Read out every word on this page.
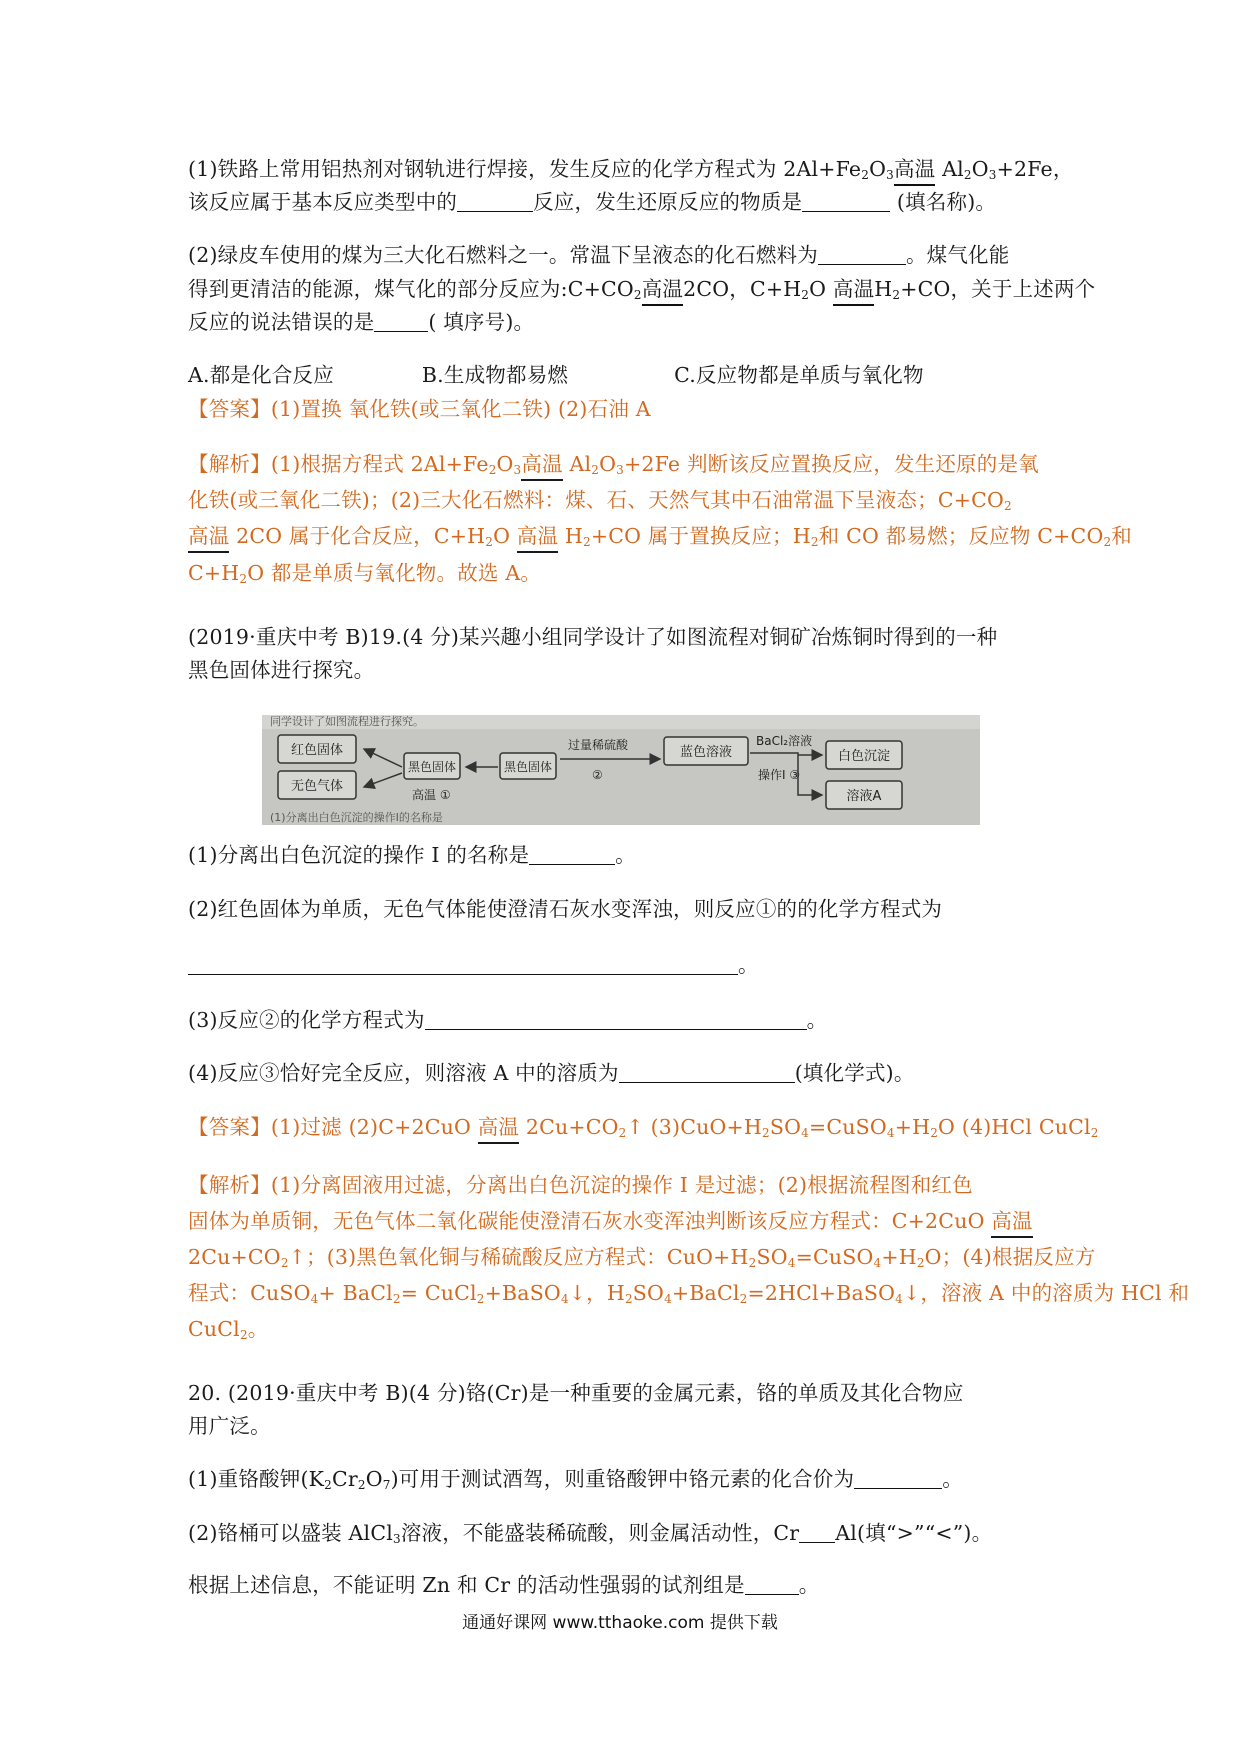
(1)铁路上常用铝热剂对钢轨进行焊接，发生反应的化学方程式为 $2Al+Fe_2O_3$高温 $Al_2O_3+2Fe$，
该反应属于基本反应类型中的	反应，发生还原反应的物质是	(填名称)。
(2)绿皮车使用的煤为三大化石燃料之一。常温下呈液态的化石燃料为	。煤气化能
得到更清洁的能源，煤气化的部分反应为$:C+CO_2$高温2CO，$C+H_2O$ 高温$H_2+CO$，关于上述两个
反应的说法错误的是	( 填序号)。
A.都是化合反应	B.生成物都易燃	C.反应物都是单质与氧化物
【答案】(1)置换 氧化铁(或三氧化二铁) (2)石油 A
【解析】(1)根据方程式 $2Al+Fe_2O_3$高温 $Al_2O_3+2Fe$ 判断该反应置换反应，发生还原的是氧
化铁(或三氧化二铁)；(2)三大化石燃料：煤、石、天然气其中石油常温下呈液态；$C+CO_2$
高温 2CO 属于化合反应，$C+H_2O$ 高温 $H_2+CO$ 属于置换反应；$H_2$和 CO 都易燃；反应物 $C+CO_2$和
$C+H_2O$ 都是单质与氧化物。故选 A。
(2019·重庆中考 B)19.(4 分)某兴趣小组同学设计了如图流程对铜矿冶炼铜时得到的一种
黑色固体进行探究。
同学设计了如图流程进行探究。
(1)分离出白色沉淀的操作Ⅰ的名称是
红色固体
无色气体
黑色固体
高温 ①
黑色固体
过量稀硫酸
②
蓝色溶液
BaCl₂溶液
操作Ⅰ ③
白色沉淀
溶液A
(1)分离出白色沉淀的操作 I 的名称是	。
(2)红色固体为单质，无色气体能使澄清石灰水变浑浊，则反应①的的化学方程式为
。
(3)反应②的化学方程式为	。
(4)反应③恰好完全反应，则溶液 A 中的溶质为	(填化学式)。
【答案】(1)过滤 (2)C+2CuO 高温 $2Cu+CO_2↑$ $(3)CuO+H_2SO_4=CuSO_4+H_2O$ (4)HCl CuCl$_2$
【解析】(1)分离固液用过滤，分离出白色沉淀的操作 I 是过滤；(2)根据流程图和红色
固体为单质铜，无色气体二氧化碳能使澄清石灰水变浑浊判断该反应方程式：C+2CuO 高温
$2Cu+CO_2↑$；(3)黑色氧化铜与稀硫酸反应方程式：$CuO+H_2SO_4=CuSO_4+H_2O$；(4)根据反应方
程式：CuSO$_4$+ BaCl$_2$= CuCl$_2$+BaSO$_4$↓，$H_2SO_4+BaCl_2=2HCl+BaSO_4↓$，溶液 A 中的溶质为 HCl 和
CuCl$_2$。
20. (2019·重庆中考 B)(4 分)铬(Cr)是一种重要的金属元素，铬的单质及其化合物应
用广泛。
(1)重铬酸钾$(K_2Cr_2O_7)$可用于测试酒驾，则重铬酸钾中铬元素的化合价为	。
(2)铬桶可以盛装 AlCl$_3$溶液，不能盛装稀硫酸，则金属活动性，Cr Al(填“>”“<”)。
根据上述信息，不能证明 Zn 和 Cr 的活动性强弱的试剂组是	。
通通好课网 www.tthaoke.com 提供下载
